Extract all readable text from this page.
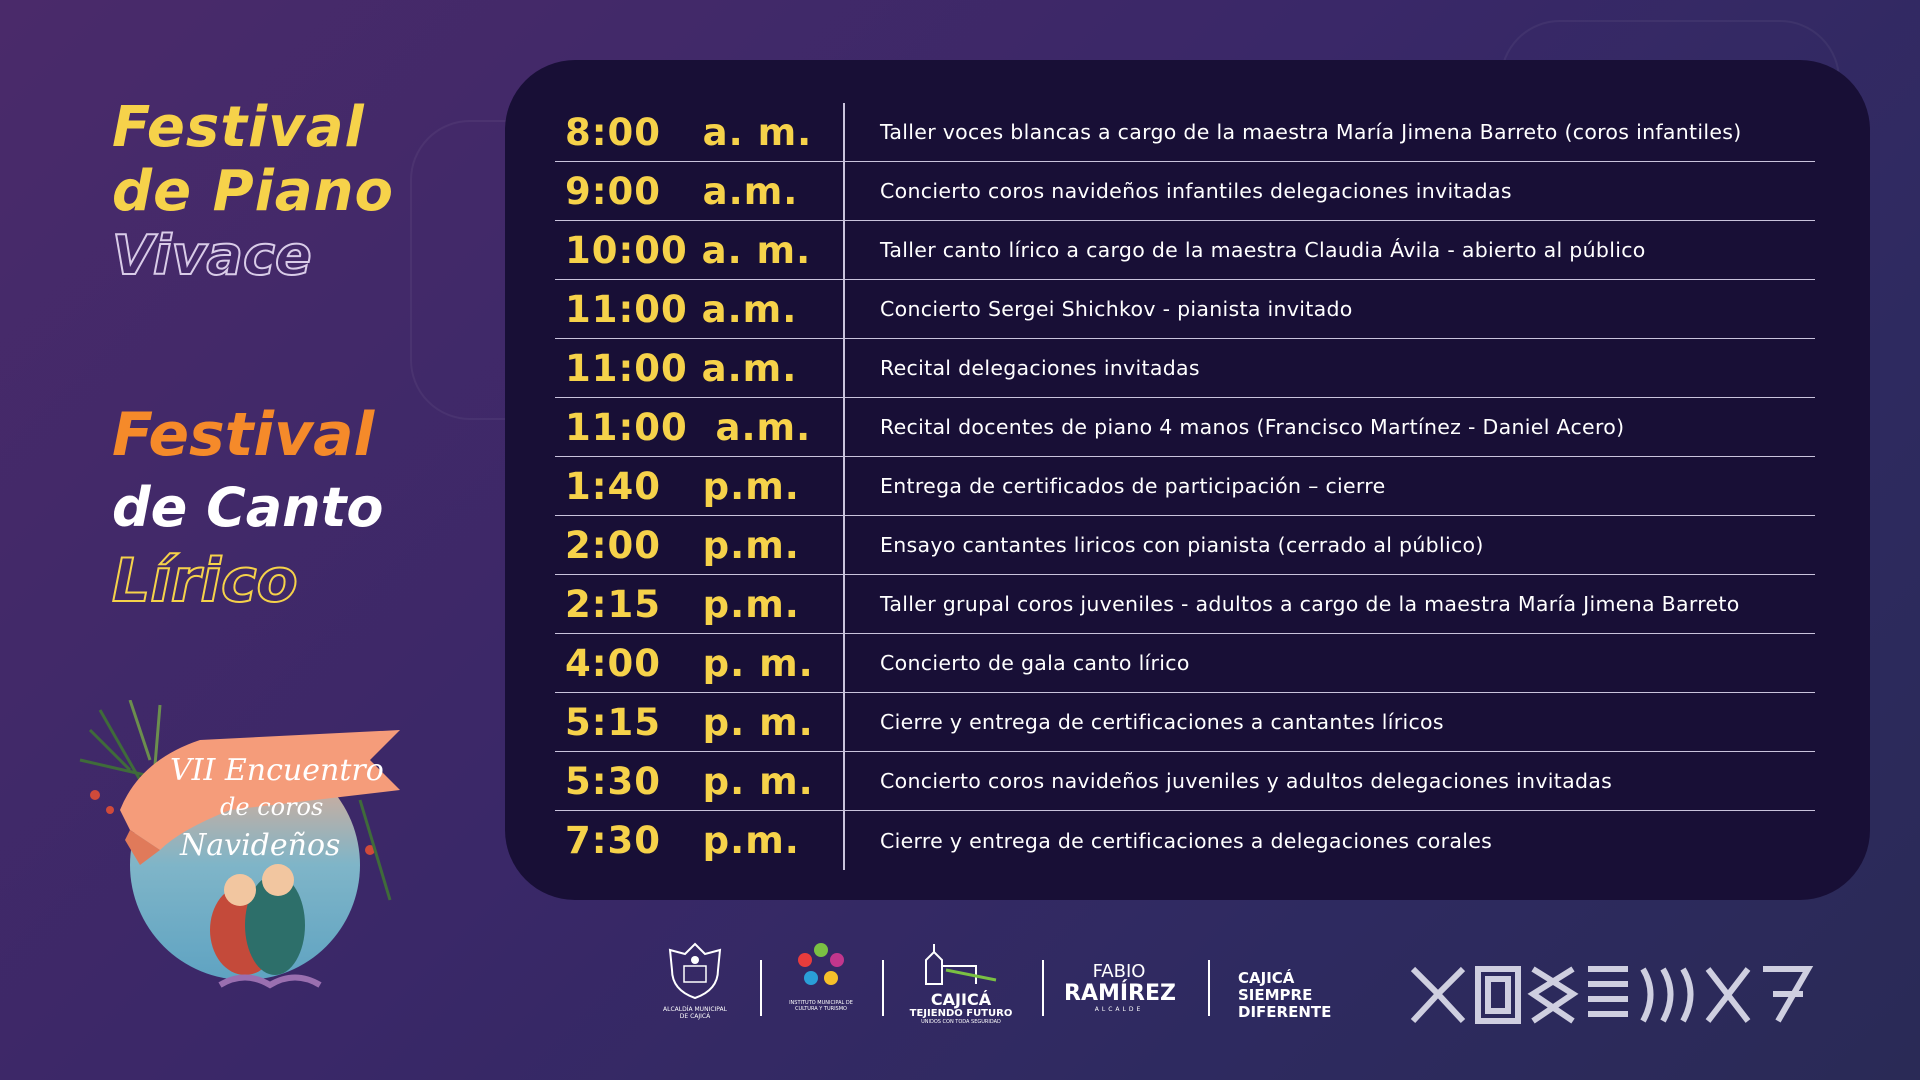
Festival
de Piano
Vivace
Festival
de Canto
Lírico
8:00   a. m.	Taller voces blancas a cargo de la maestra María Jimena Barreto (coros infantiles)
9:00   a.m.	Concierto coros navideños infantiles delegaciones invitadas
10:00 a. m.	Taller canto lírico a cargo de la maestra Claudia Ávila - abierto al público
11:00 a.m.	Concierto Sergei Shichkov - pianista invitado
11:00 a.m.	Recital delegaciones invitadas
11:00  a.m.	Recital docentes de piano 4 manos (Francisco Martínez - Daniel Acero)
1:40   p.m.	Entrega de certificados de participación – cierre
2:00   p.m.	Ensayo cantantes liricos con pianista (cerrado al público)
2:15   p.m.	Taller grupal coros juveniles - adultos a cargo de la maestra María Jimena Barreto
4:00   p. m.	Concierto de gala canto lírico
5:15   p. m.	Cierre y entrega de certificaciones a cantantes líricos
5:30   p. m.	Concierto coros navideños juveniles y adultos delegaciones invitadas
7:30   p.m.	Cierre y entrega de certificaciones a delegaciones corales
VII Encuentro
de coros
Navideños
ALCALDÍA MUNICIPAL DE CAJICÁ
INSTITUTO MUNICIPAL DE CULTURA Y TURISMO	CAJICÁ
TEJIENDO FUTURO
UNIDOS CON TODA SEGURIDAD
FABIO
RAMÍREZ
ALCALDE
CAJICÁ
SIEMPRE
DIFERENTE
